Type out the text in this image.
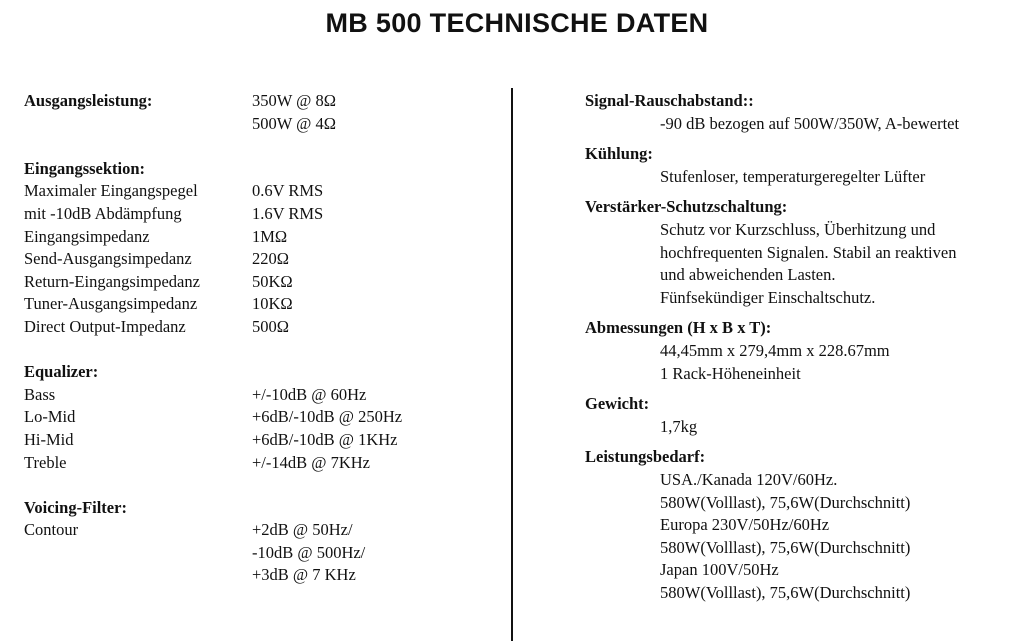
MB 500 TECHNISCHE DATEN
Ausgangsleistung:	350W @ 8Ω
500W @ 4Ω
Eingangssektion:
Maximaler Eingangspegel	0.6V RMS
mit -10dB Abdämpfung	1.6V RMS
Eingangsimpedanz	1MΩ
Send-Ausgangsimpedanz	220Ω
Return-Eingangsimpedanz	50KΩ
Tuner-Ausgangsimpedanz	10KΩ
Direct Output-Impedanz	500Ω
Equalizer:
Bass	+/-10dB @ 60Hz
Lo-Mid	+6dB/-10dB @ 250Hz
Hi-Mid	+6dB/-10dB @ 1KHz
Treble	+/-14dB @ 7KHz
Voicing-Filter:
Contour	+2dB @ 50Hz/
-10dB @ 500Hz/
+3dB @ 7 KHz
Signal-Rauschabstand::
-90 dB bezogen auf 500W/350W, A-bewertet
Kühlung:
Stufenloser, temperaturgeregelter Lüfter
Verstärker-Schutzschaltung:
Schutz vor Kurzschluss, Überhitzung und
hochfrequenten Signalen. Stabil an reaktiven
und abweichenden Lasten.
Fünfsekündiger Einschaltschutz.
Abmessungen (H x B x T):
44,45mm x 279,4mm x 228.67mm
1 Rack-Höheneinheit
Gewicht:
1,7kg
Leistungsbedarf:
USA./Kanada 120V/60Hz.
580W(Volllast), 75,6W(Durchschnitt)
Europa 230V/50Hz/60Hz
580W(Volllast), 75,6W(Durchschnitt)
Japan 100V/50Hz
580W(Volllast), 75,6W(Durchschnitt)
